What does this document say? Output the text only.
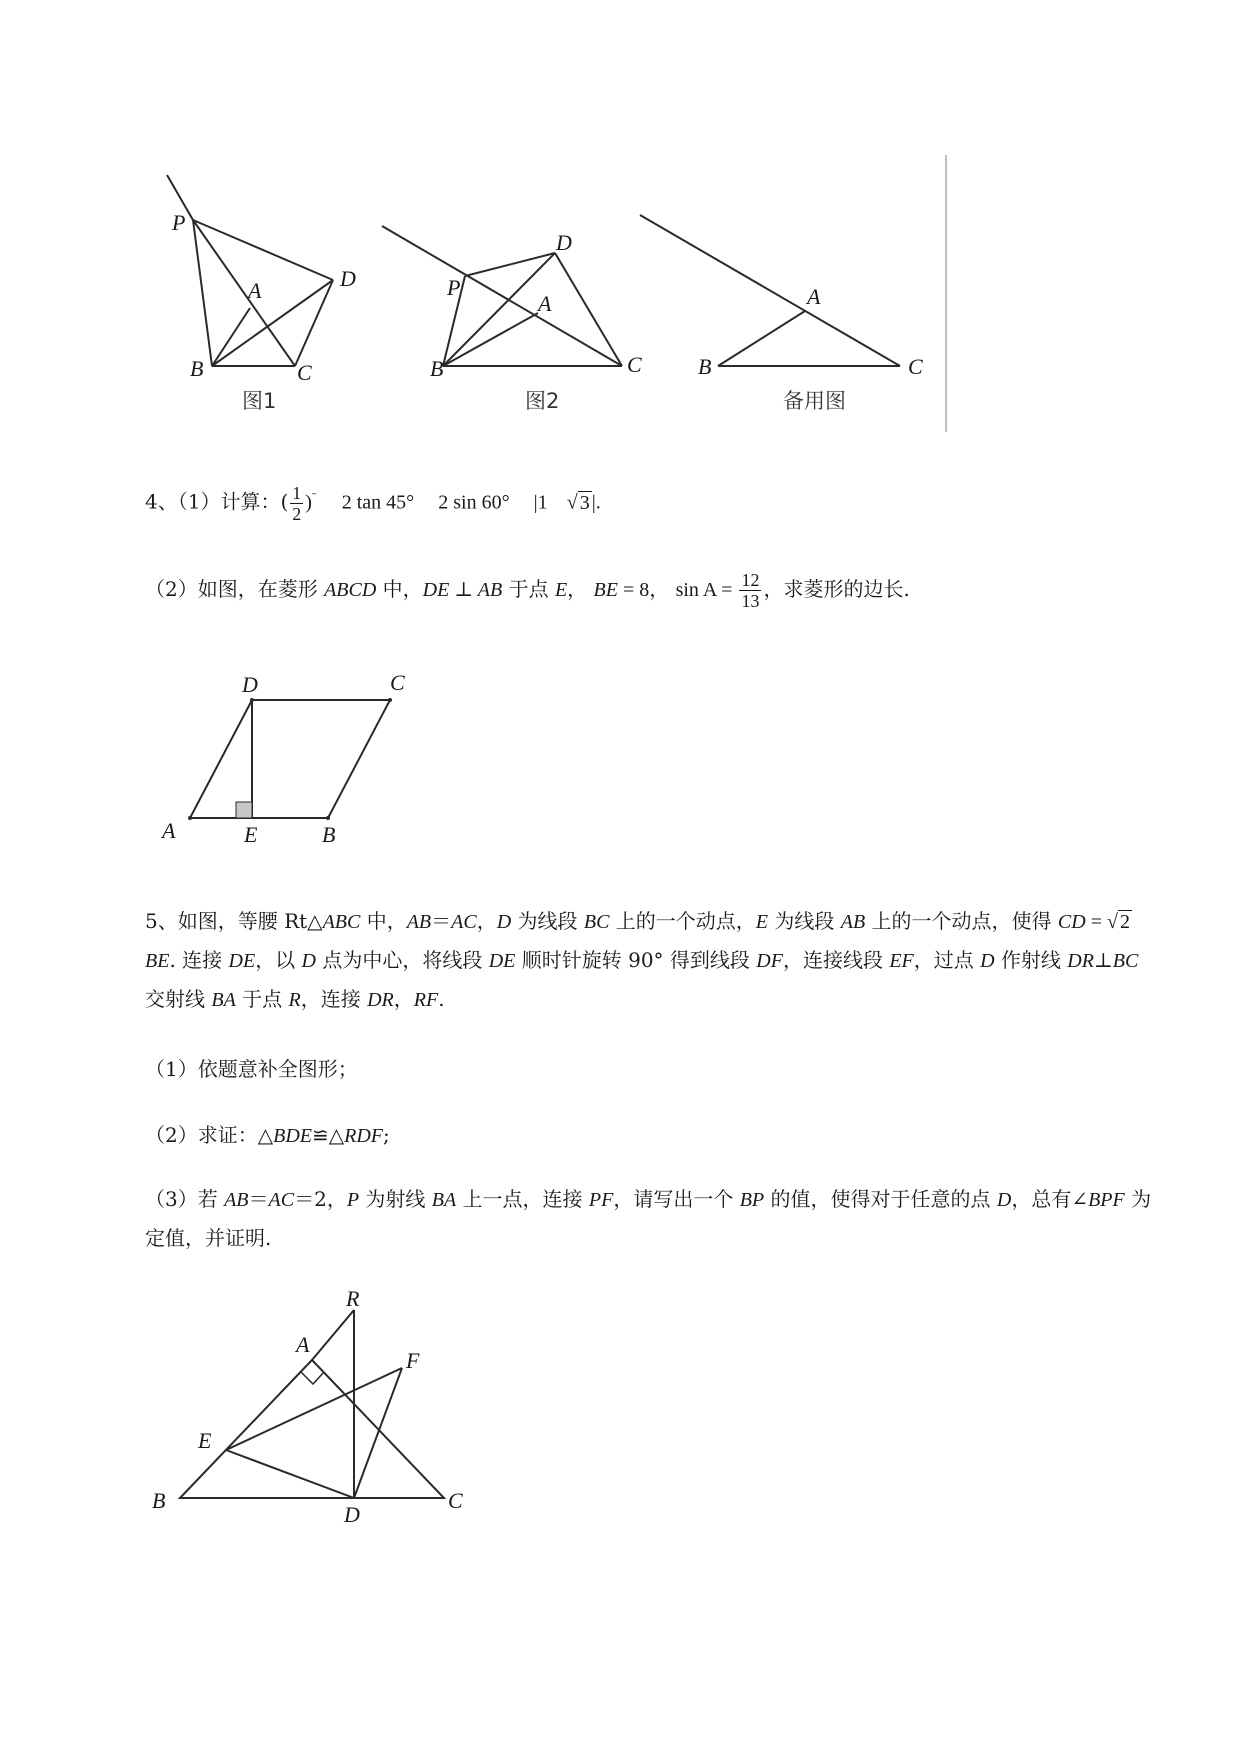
P
A	D
B	C
图1
P
D
A
B	C
图2
A
B	C
备用图
4、（1）计算：( $\frac{1}{2} )^ˉ$ 2 tan 45°    2 sin 60°    |1 √ 3 |.
（2）如图，在菱形 ABCD 中，DE ⊥ AB 于点 E， BE = 8， $\sin A = \frac{12}{13}$ ，求菱形的边长.
D	C
A	E	B
5、如图，等腰 Rt△ABC 中，AB＝AC，D 为线段 BC 上的一个动点，E 为线段 AB 上的一个动点，使得 CD = √ 2 BE. 连接 DE，以 D 点为中心，将线段 DE 顺时针旋转 90° 得到线段 DF，连接线段 EF，过点 D 作射线 DR⊥BC 交射线 BA 于点 R，连接 DR，RF.
（1）依题意补全图形；
（2）求证：△BDE≌△RDF;
（3）若 AB＝AC＝2，P 为射线 BA 上一点，连接 PF，请写出一个 BP 的值，使得对于任意的点 D，总有∠BPF 为定值，并证明.
R
A
F
E
B
D
C
